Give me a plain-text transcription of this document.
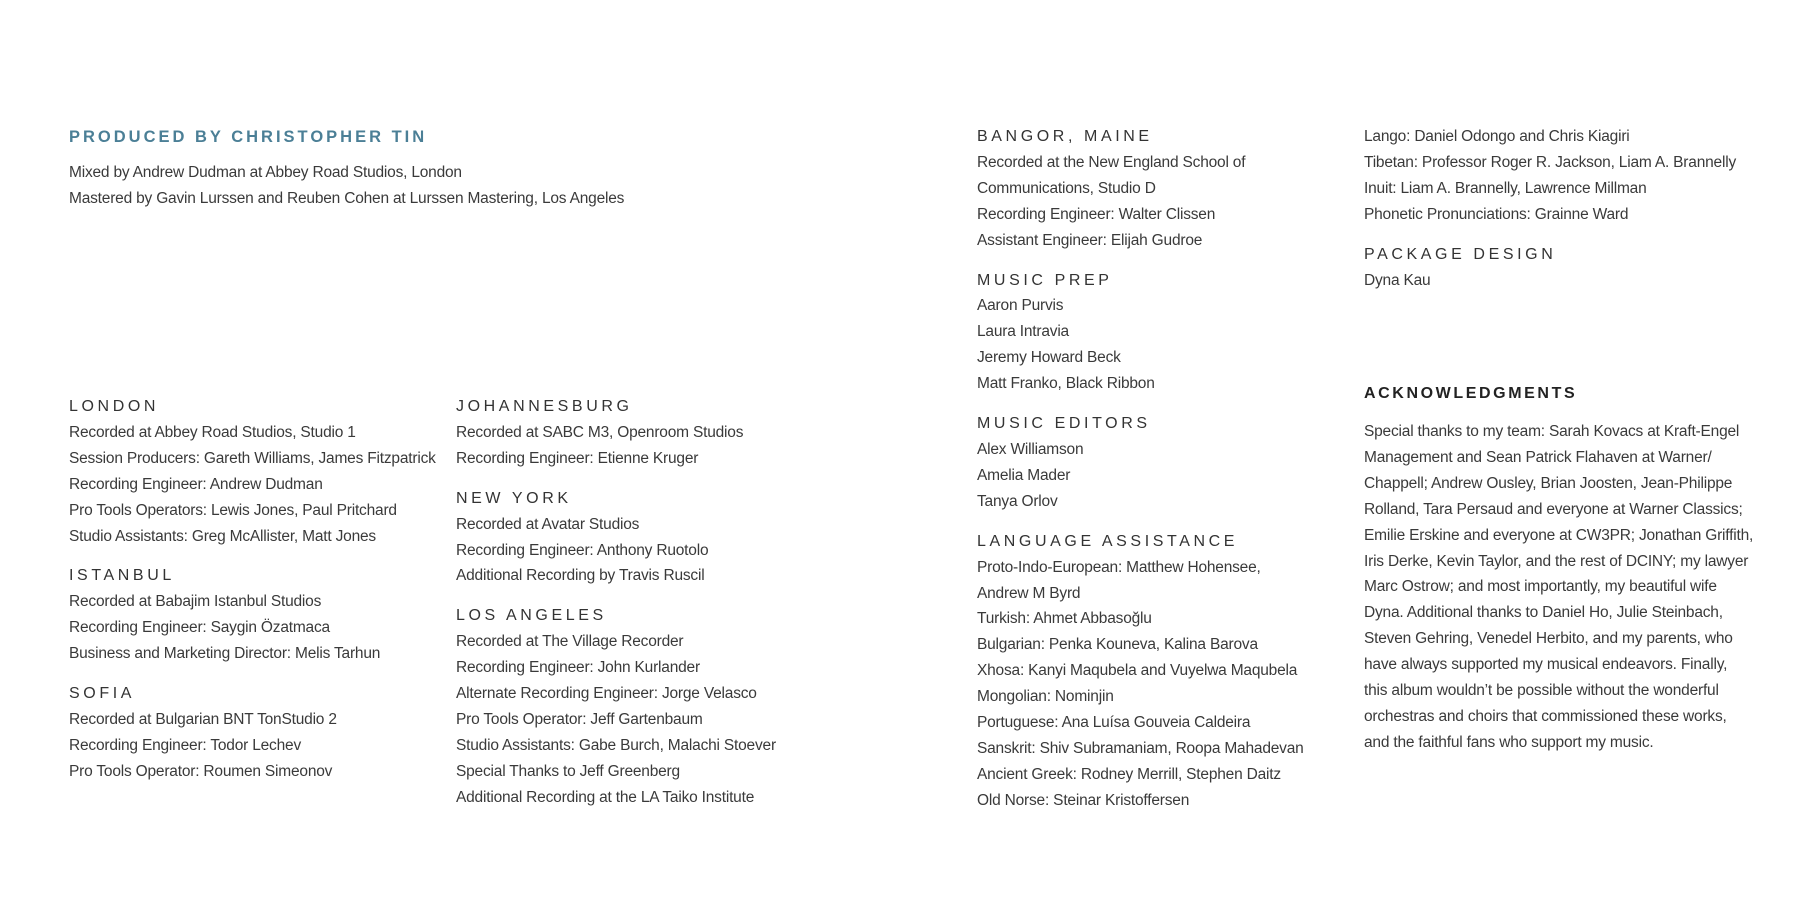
PRODUCED BY CHRISTOPHER TIN
Mixed by Andrew Dudman at Abbey Road Studios, London
Mastered by Gavin Lurssen and Reuben Cohen at Lurssen Mastering, Los Angeles
LONDON
Recorded at Abbey Road Studios, Studio 1
Session Producers: Gareth Williams, James Fitzpatrick
Recording Engineer: Andrew Dudman
Pro Tools Operators: Lewis Jones, Paul Pritchard
Studio Assistants: Greg McAllister, Matt Jones
ISTANBUL
Recorded at Babajim Istanbul Studios
Recording Engineer: Saygin Özatmaca
Business and Marketing Director: Melis Tarhun
SOFIA
Recorded at Bulgarian BNT TonStudio 2
Recording Engineer: Todor Lechev
Pro Tools Operator: Roumen Simeonov
JOHANNESBURG
Recorded at SABC M3, Openroom Studios
Recording Engineer: Etienne Kruger
NEW YORK
Recorded at Avatar Studios
Recording Engineer: Anthony Ruotolo
Additional Recording by Travis Ruscil
LOS ANGELES
Recorded at The Village Recorder
Recording Engineer: John Kurlander
Alternate Recording Engineer: Jorge Velasco
Pro Tools Operator: Jeff Gartenbaum
Studio Assistants: Gabe Burch, Malachi Stoever
Special Thanks to Jeff Greenberg
Additional Recording at the LA Taiko Institute
BANGOR, MAINE
Recorded at the New England School of
Communications, Studio D
Recording Engineer: Walter Clissen
Assistant Engineer: Elijah Gudroe
MUSIC PREP
Aaron Purvis
Laura Intravia
Jeremy Howard Beck
Matt Franko, Black Ribbon
MUSIC EDITORS
Alex Williamson
Amelia Mader
Tanya Orlov
LANGUAGE ASSISTANCE
Proto-Indo-European: Matthew Hohensee,
Andrew M Byrd
Turkish: Ahmet Abbasoğlu
Bulgarian: Penka Kouneva, Kalina Barova
Xhosa: Kanyi Maqubela and Vuyelwa Maqubela
Mongolian: Nominjin
Portuguese: Ana Luísa Gouveia Caldeira
Sanskrit: Shiv Subramaniam, Roopa Mahadevan
Ancient Greek: Rodney Merrill, Stephen Daitz
Old Norse: Steinar Kristoffersen
Lango: Daniel Odongo and Chris Kiagiri
Tibetan: Professor Roger R. Jackson, Liam A. Brannelly
Inuit: Liam A. Brannelly, Lawrence Millman
Phonetic Pronunciations: Grainne Ward
PACKAGE DESIGN
Dyna Kau
ACKNOWLEDGMENTS
Special thanks to my team: Sarah Kovacs at Kraft-Engel
Management and Sean Patrick Flahaven at Warner/
Chappell; Andrew Ousley, Brian Joosten, Jean-Philippe
Rolland, Tara Persaud and everyone at Warner Classics;
Emilie Erskine and everyone at CW3PR; Jonathan Griffith,
Iris Derke, Kevin Taylor, and the rest of DCINY; my lawyer
Marc Ostrow; and most importantly, my beautiful wife
Dyna. Additional thanks to Daniel Ho, Julie Steinbach,
Steven Gehring, Venedel Herbito, and my parents, who
have always supported my musical endeavors. Finally,
this album wouldn’t be possible without the wonderful
orchestras and choirs that commissioned these works,
and the faithful fans who support my music.
